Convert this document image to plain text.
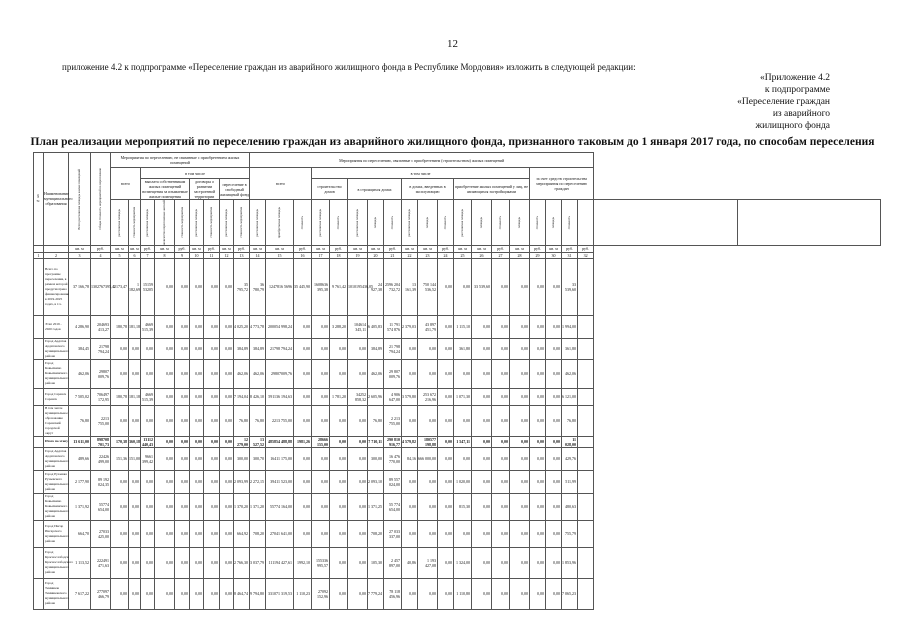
12
приложение 4.2 к подпрограмме «Переселение граждан из аварийного жилищного фонда в Республике Мордовия» изложить в следующей редакции:
«Приложение 4.2
к подпрограмме
«Переселение граждан
из аварийного
жилищного фонда
План реализации мероприятий по переселению граждан из аварийного жилищного фонда, признанного таковым до 1 января 2017 года, по способам переселения
№ п/п	Наименование муниципального образования	Всего расселяемая площадь жилых помещений	Общая стоимость мероприятий по переселению	Мероприятия по переселению, не связанные с приобретением жилых помещений									Мероприятия по переселению, связанные с приобретением (строительством) жилых помещений																				
				всего		в том числе							всего			в том числе												за счет средств строительства мероприятия по переселению граждан					
						выплата собственникам жилых помещений возмещения за изымаемые жилые помещения			договоры о развитии застроенной территории		переселение в свободный жилищный фонд					строительство домов		в строящихся домах			в домах, введенных в эксплуатацию			приобретение жилых помещений у лиц, не являющихся застройщиками									

				расселяемая площадь	стоимость мероприятия	расселяемая площадь	количество переселяемых жителей	стоимость мероприятия	расселяемая площадь	стоимость мероприятия	расселяемая площадь	стоимость мероприятия	расселяемая площадь	приобретаемая площадь	стоимость	расселяемая площадь	стоимость	расселяемая площадь	площадь	стоимость	расселяемая площадь	площадь	стоимость	расселяемая площадь	площадь	стоимость	площадь	стоимость	площадь	стоимость			

		кв. м	руб.	кв. м	кв. м	руб.	кв. м	руб.	кв. м	руб.	кв. м	руб.	кв. м	кв. м	руб.	кв. м	руб.	кв. м	кв. м	руб.	кв. м	кв. м	руб.	кв. м	кв. м	руб.	кв. м	руб.	кв. м	руб.	руб.		
1	2	3	4	5	6	7	8	9	10	11	12	13	14	15	16	17	18	19	20	21	22	23	24	25	26	27	28	29	30	31	32		
	Всего по программе переселения, в рамках которой предусмотрено финансирование в 2019-2025 годах, в т.ч.	37 166,78	1302767395,42	1 173,47	1 182,69	15159 53205	0,00	0,00	0,00	0,00	0,00	35 795,72	36 780,79	1247816 5696	35 445,90	1608636 395,38	9 761,42	1010195436,05	24 927,38	2596 204 732,72	13 161,39	750 144 536,52	0,00	0,00	33 539,60	0,00	0,00	0,00	0,00	33 539,60			
	Этап 2019 - 2020 годов	4 286,90	204693 413,27	180,78	181,18	4669 515,39	0,00	0,00	0,00	0,00	0,00	4 025,20	4 773,78	200054 998,24	0,00	0,00	3 288,20	104614 345,11	6 405,83	11 791 574 876	2 379,03	43 897 451,79	0,00	1 115,10	0,00	0,00	0,00	0,00	0,00	1 994,00			
	Город Ардатов Ардатовского муниципального района	384,45	21798 794,24	0,00	0,00	0,00	0,00	0,00	0,00	0,00	0,00	384,89	384,89	21798 794,24	0,00	0,00	0,00	0,00	384,89	21 798 794,24	0,00	0,00	0,00	361,80	0,00	0,00	0,00	0,00	0,00	361,80			
	Город Ковылкино Ковылкинского муниципального района	462,06	29807 009,76	0,00	0,00	0,00	0,00	0,00	0,00	0,00	0,00	462,06	462,06	29807009,76	0,00	0,00	0,00	0,00	462,06	29 807 009,76	0,00	0,00	0,00	0,00	0,00	0,00	0,00	0,00	0,00	462,06			
	Город Саранск Саранск	7 505,02	706497 172,95	180,78	181,18	4669 515,39	0,00	0,00	0,00	0,00	0,00	7 194,04	8 426,10	591136 194,63	0,00	0,00	1 781,20	34252 858,32	2 605,96	4 906 647,00	3 579,80	253 672 216,96	0,00	1 071,30	0,00	0,00	0,00	0,00	0,00	6 121,00			
	В том числе муниципальное образование Саранский городской округ	76,80	2213 755,00	0,00	0,00	0,00	0,00	0,00	0,00	0,00	0,00	76,80	76,80	2213 755,00	0,00	0,00	0,00	0,00	76,80	2 213 755,00	0,00	0,00	0,00	0,00	0,00	0,00	0,00	0,00	0,00	76,80			
	Итого по этапу	13 611,00	898708 701,73	170,38	360,18	13112 440,43	0,00	0,00	0,00	0,00	0,00	12 279,00	13 527,52	485854 488,88	1981,26	28666 155,00	0,00	0,00	7 710,11	290 810 916,77	4 579,82	180577 198,88	0,00	1 547,11	0,00	0,00	0,00	0,00	0,00	11 028,00			
	Город Ардатов Ардатовского муниципального района	489,66	22426 499,00	151,36	151,00	9661 399,42	0,00	0,00	0,00	0,00	0,00	300,00	300,70	16411 175,00	0,00	0,00	0,00	0,00	300,00	16 476 770,00	84,16	666 000,00	0,00	0,00	0,00	0,00	0,00	0,00	0,00	429,76			
	Город Рузаевка Рузаевского муниципального района	2 177,90	89 192 024,35	0,00	0,00	0,00	0,00	0,00	0,00	0,00	0,00	2 093,99	2 272,15	39411 523,00	0,00	0,00	0,00	0,00	2 093,10	89 557 024,00	0,00	0,00	0,00	1 020,00	0,00	0,00	0,00	0,00	0,00	511,99			
	Город Ковылкино Ковылкинского муниципального района	1 371,92	55774 654,00	0,00	0,00	0,00	0,00	0,00	0,00	0,00	0,00	1 370,20	1 371,20	55774 164,00	0,00	0,00	0,00	0,00	1 371,25	55 774 654,00	0,00	0,00	0,00	815,30	0,00	0,00	0,00	0,00	0,00	480,63			
	Город Инсар Инсарского муниципального района	664,70	27033 425,00	0,00	0,00	0,00	0,00	0,00	0,00	0,00	0,00	664,92	708,20	27041 641,00	0,00	0,00	0,00	0,00	708,20	27 033 337,00	0,00	0,00	0,00	0,00	0,00	0,00	0,00	0,00	0,00	755,79			
	Город Краснослободск Краснослободского муниципального района	1 113,52	222491 471,63	0,00	0,00	0,00	0,00	0,00	0,00	0,00	0,00	2 766,30	3 037,79	111194 427,61	1992,10	155336 995,57	0,00	0,00	105,30	2 457 897,00	40,86	1 193 427,08	0,00	1 324,00	0,00	0,00	0,00	0,00	0,00	1 853,96			
	Город Темников Темниковского муниципального района	7 617,22	277097 466,79	0,00	0,00	0,00	0,00	0,00	0,00	0,00	0,00	8 464,74	9 794,80	331071 319,53	1 110,23	27092 152,96	0,00	0,00	7 779,24	78 118 456,96	0,00	0,00	0,00	1 110,80	0,00	0,00	0,00	0,00	0,00	7 065,23			
